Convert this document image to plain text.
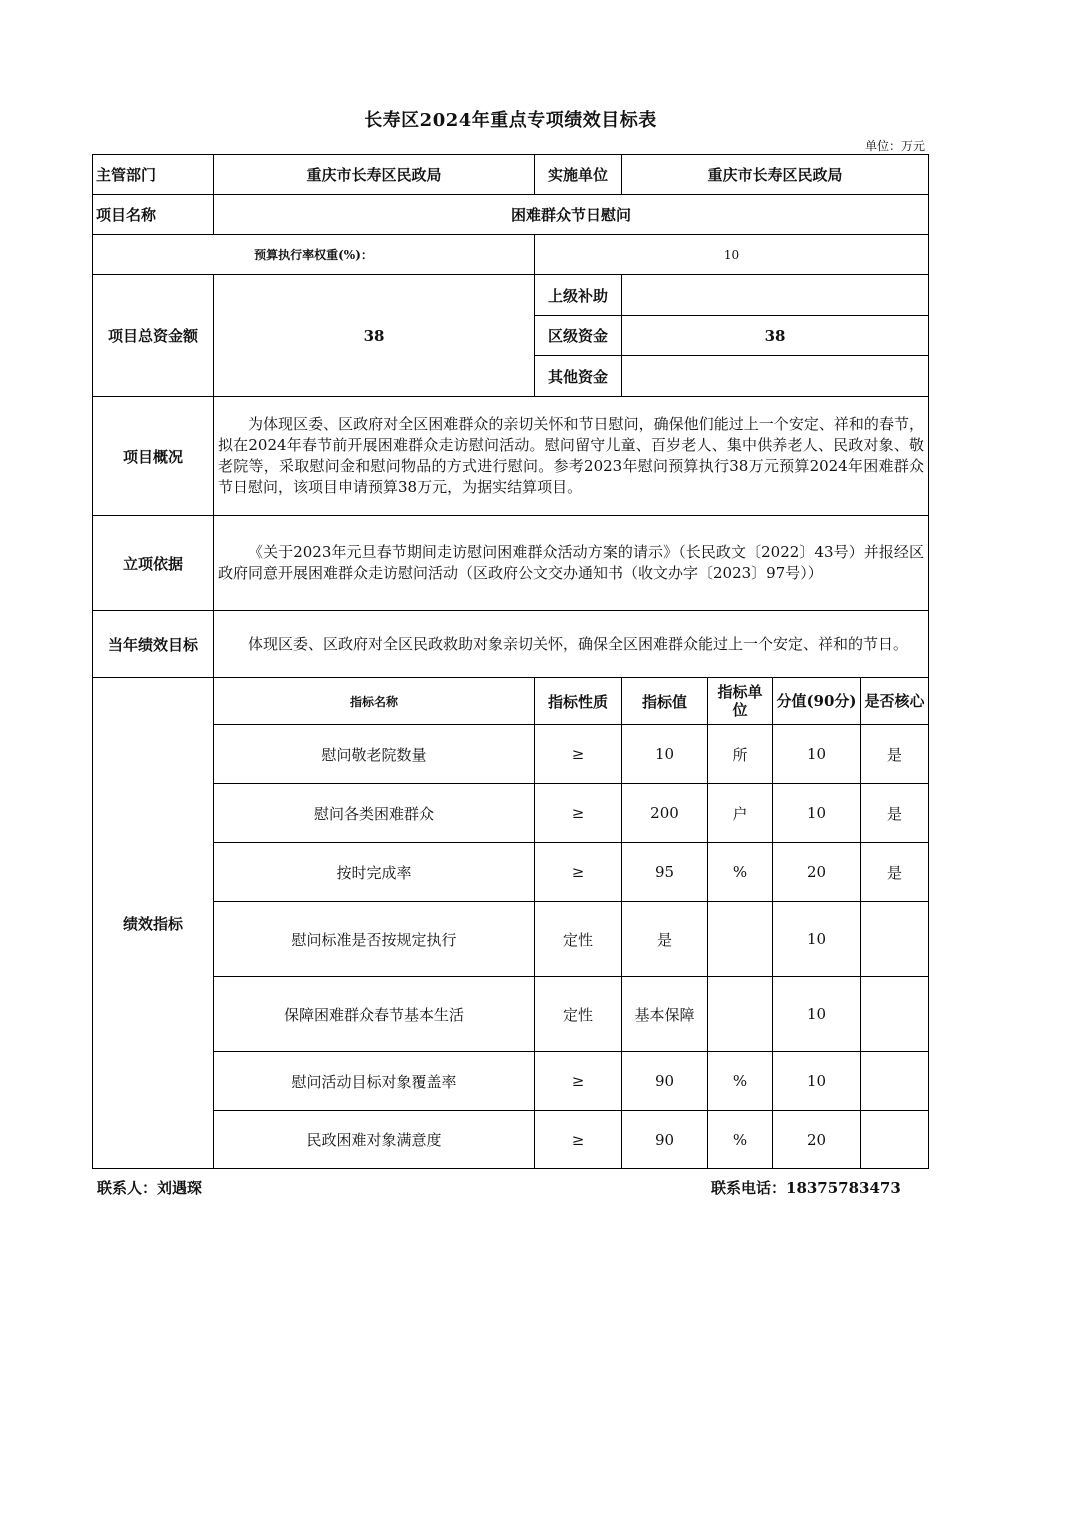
长寿区2024年重点专项绩效目标表
单位：万元
主管部门	重庆市长寿区民政局	实施单位	重庆市长寿区民政局			
项目名称	困难群众节日慰问					
预算执行率权重(%)：		10				
项目总资金额	38	上级补助				
		区级资金	38			
		其他资金				
项目概况	为体现区委、区政府对全区困难群众的亲切关怀和节日慰问，确保他们能过上一个安定、祥和的春节，拟在2024年春节前开展困难群众走访慰问活动。慰问留守儿童、百岁老人、集中供养老人、民政对象、敬老院等，采取慰问金和慰问物品的方式进行慰问。参考2023年慰问预算执行38万元预算2024年困难群众节日慰问，该项目申请预算38万元，为据实结算项目。					
立项依据	《关于2023年元旦春节期间走访慰问困难群众活动方案的请示》（长民政文〔2022〕43号）并报经区政府同意开展困难群众走访慰问活动（区政府公文交办通知书（收文办字〔2023〕97号））					
当年绩效目标	体现区委、区政府对全区民政救助对象亲切关怀，确保全区困难群众能过上一个安定、祥和的节日。					
绩效指标	指标名称	指标性质	指标值	指标单位	分值(90分)	是否核心
	慰问敬老院数量	≥	10	所	10	是
	慰问各类困难群众	≥	200	户	10	是
	按时完成率	≥	95	%	20	是
	慰问标准是否按规定执行	定性	是		10	
	保障困难群众春节基本生活	定性	基本保障		10	
	慰问活动目标对象覆盖率	≥	90	%	10	
	民政困难对象满意度	≥	90	%	20	
联系人：刘遇琛	联系电话：18375783473
